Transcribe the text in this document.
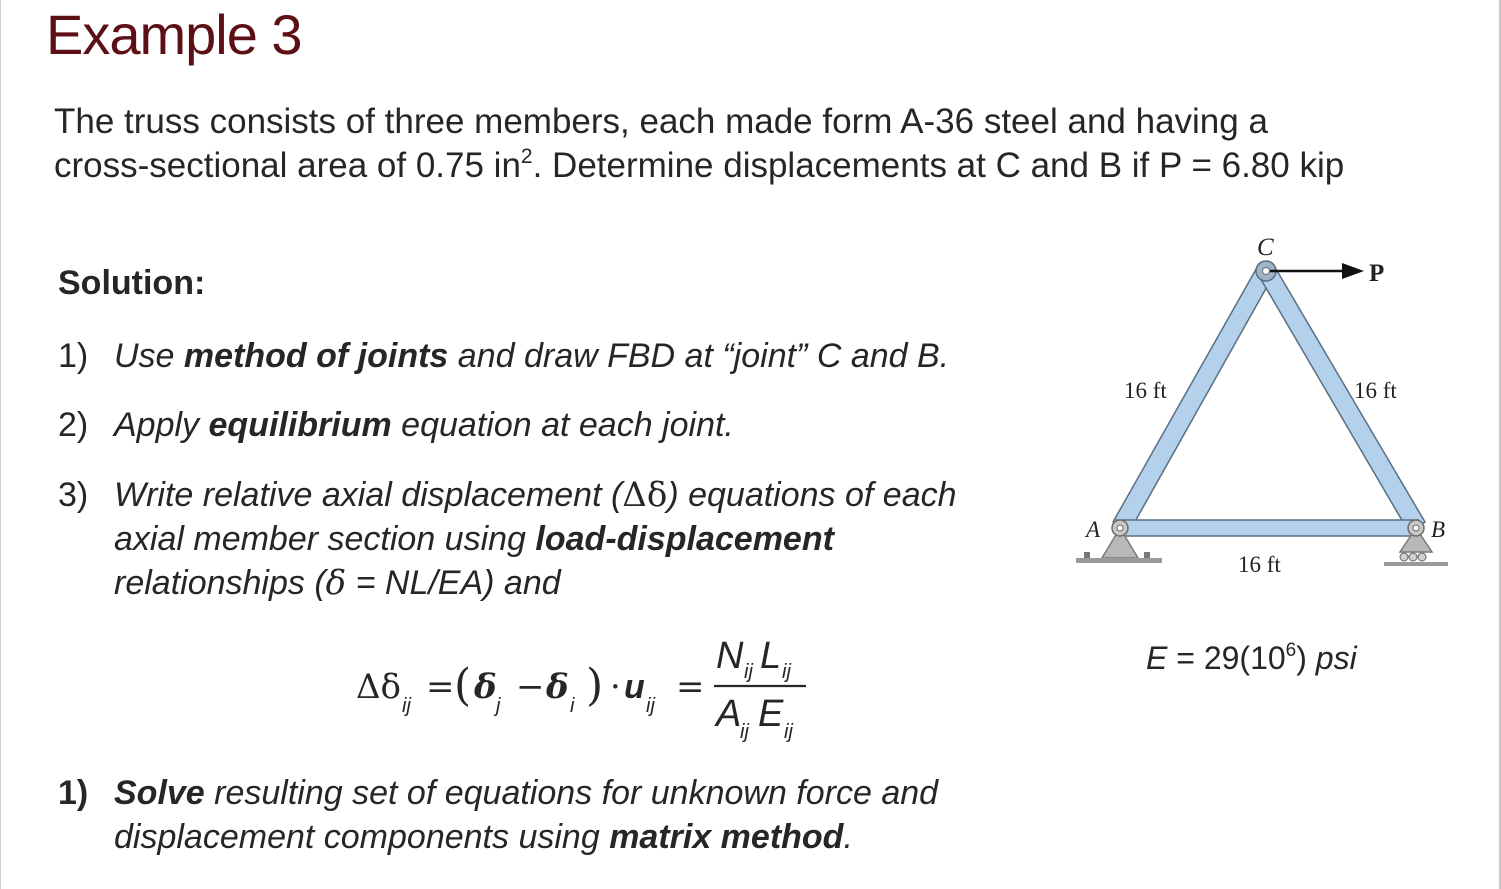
Example 3
The truss consists of three members, each made form A-36 steel and having a
cross-sectional area of 0.75 $in^2$. Determine displacements at C and B if P = 6.80 kip
Solution:
1) Use method of joints and draw FBD at “joint” C and B.
2) Apply equilibrium equation at each joint.
3) Write relative axial displacement (Δδ) equations of each
axial member section using load-displacement
relationships (δ = NL/EA) and
1) Solve resulting set of equations for unknown force and
displacement components using matrix method.
Δδ ij = ( δ j − δ i ) · u ij =
N ij L ij
A
ij E ij
C
P
16 ft	16 ft
A	B
16 ft
$E = 29(10^6)$ psi
